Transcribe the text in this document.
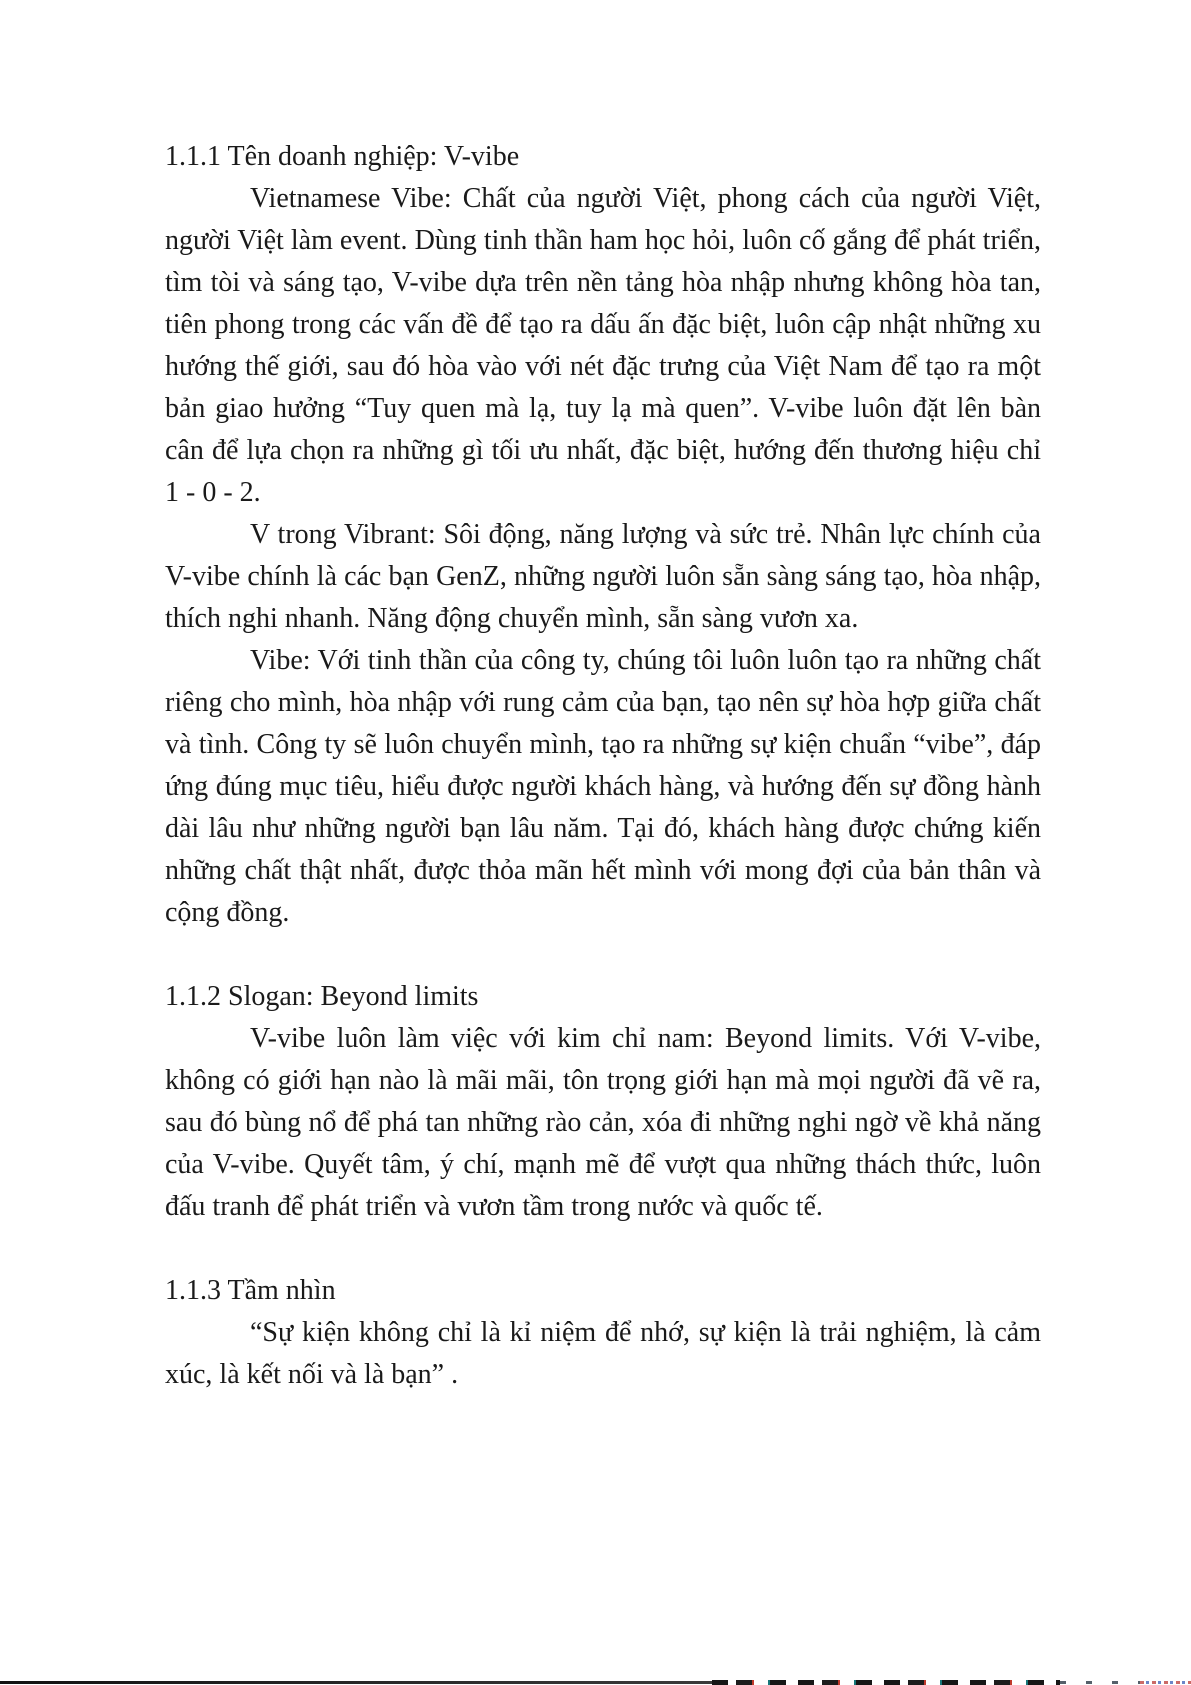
1.1.1 Tên doanh nghiệp: V-vibe

Vietnamese Vibe: Chất của người Việt, phong cách của người Việt, người Việt làm event. Dùng tinh thần ham học hỏi, luôn cố gắng để phát triển, tìm tòi và sáng tạo, V-vibe dựa trên nền tảng hòa nhập nhưng không hòa tan, tiên phong trong các vấn đề để tạo ra dấu ấn đặc biệt, luôn cập nhật những xu hướng thế giới, sau đó hòa vào với nét đặc trưng của Việt Nam để tạo ra một bản giao hưởng “Tuy quen mà lạ, tuy lạ mà quen”. V-vibe luôn đặt lên bàn cân để lựa chọn ra những gì tối ưu nhất, đặc biệt, hướng đến thương hiệu chỉ 1 - 0 - 2.

V trong Vibrant: Sôi động, năng lượng và sức trẻ. Nhân lực chính của V-vibe chính là các bạn GenZ, những người luôn sẵn sàng sáng tạo, hòa nhập, thích nghi nhanh. Năng động chuyển mình, sẵn sàng vươn xa.

Vibe: Với tinh thần của công ty, chúng tôi luôn luôn tạo ra những chất riêng cho mình, hòa nhập với rung cảm của bạn, tạo nên sự hòa hợp giữa chất và tình. Công ty sẽ luôn chuyển mình, tạo ra những sự kiện chuẩn “vibe”, đáp ứng đúng mục tiêu, hiểu được người khách hàng, và hướng đến sự đồng hành dài lâu như những người bạn lâu năm. Tại đó, khách hàng được chứng kiến những chất thật nhất, được thỏa mãn hết mình với mong đợi của bản thân và cộng đồng.

1.1.2 Slogan: Beyond limits

V-vibe luôn làm việc với kim chỉ nam: Beyond limits. Với V-vibe, không có giới hạn nào là mãi mãi, tôn trọng giới hạn mà mọi người đã vẽ ra, sau đó bùng nổ để phá tan những rào cản, xóa đi những nghi ngờ về khả năng của V-vibe. Quyết tâm, ý chí, mạnh mẽ để vượt qua những thách thức, luôn đấu tranh để phát triển và vươn tầm trong nước và quốc tế.

1.1.3 Tầm nhìn

“Sự kiện không chỉ là kỉ niệm để nhớ, sự kiện là trải nghiệm, là cảm xúc, là kết nối và là bạn” .
